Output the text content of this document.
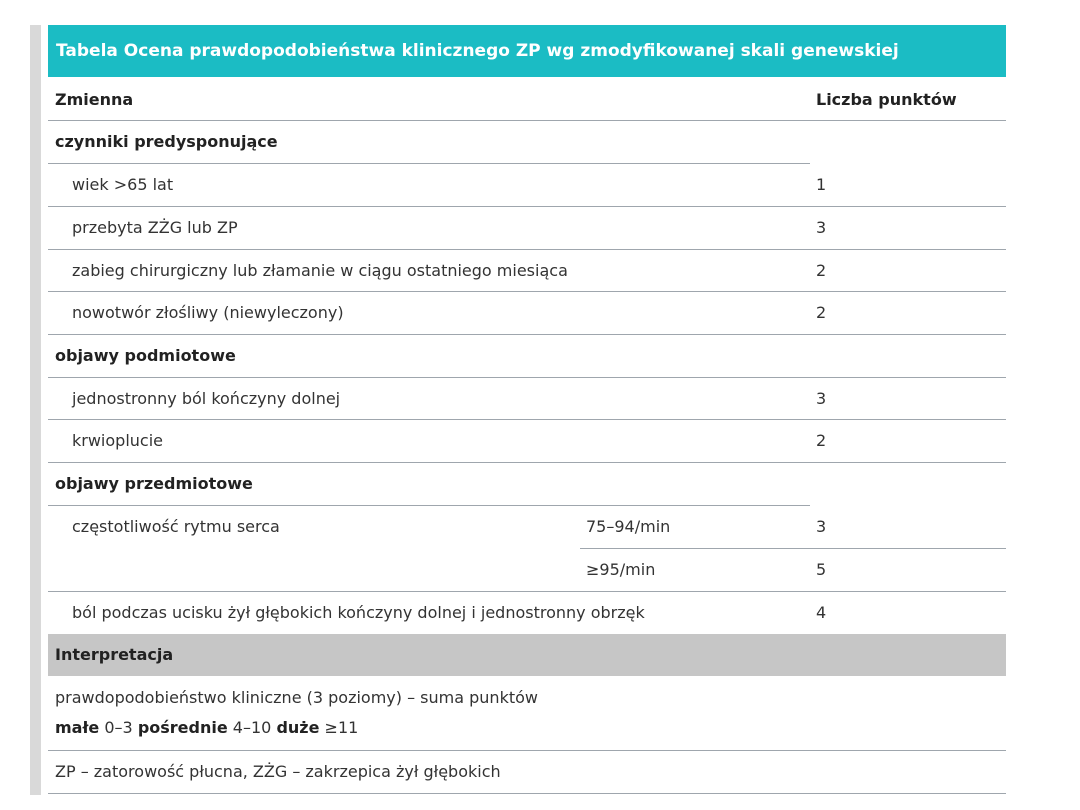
Tabela Ocena prawdopodobieństwa klinicznego ZP wg zmodyfikowanej skali genewskiej
Zmienna	Liczba punktów
czynniki predysponujące
wiek >65 lat	1
przebyta ZŻG lub ZP	3
zabieg chirurgiczny lub złamanie w ciągu ostatniego miesiąca	2
nowotwór złośliwy (niewyleczony)	2
objawy podmiotowe
jednostronny ból kończyny dolnej	3
krwioplucie	2
objawy przedmiotowe
częstotliwość rytmu serca	75–94/min	3
≥95/min	5
ból podczas ucisku żył głębokich kończyny dolnej i jednostronny obrzęk	4
Interpretacja
prawdopodobieństwo kliniczne (3 poziomy) – suma punktów
małe 0–3 pośrednie 4–10 duże ≥11
ZP – zatorowość płucna, ZŻG – zakrzepica żył głębokich
